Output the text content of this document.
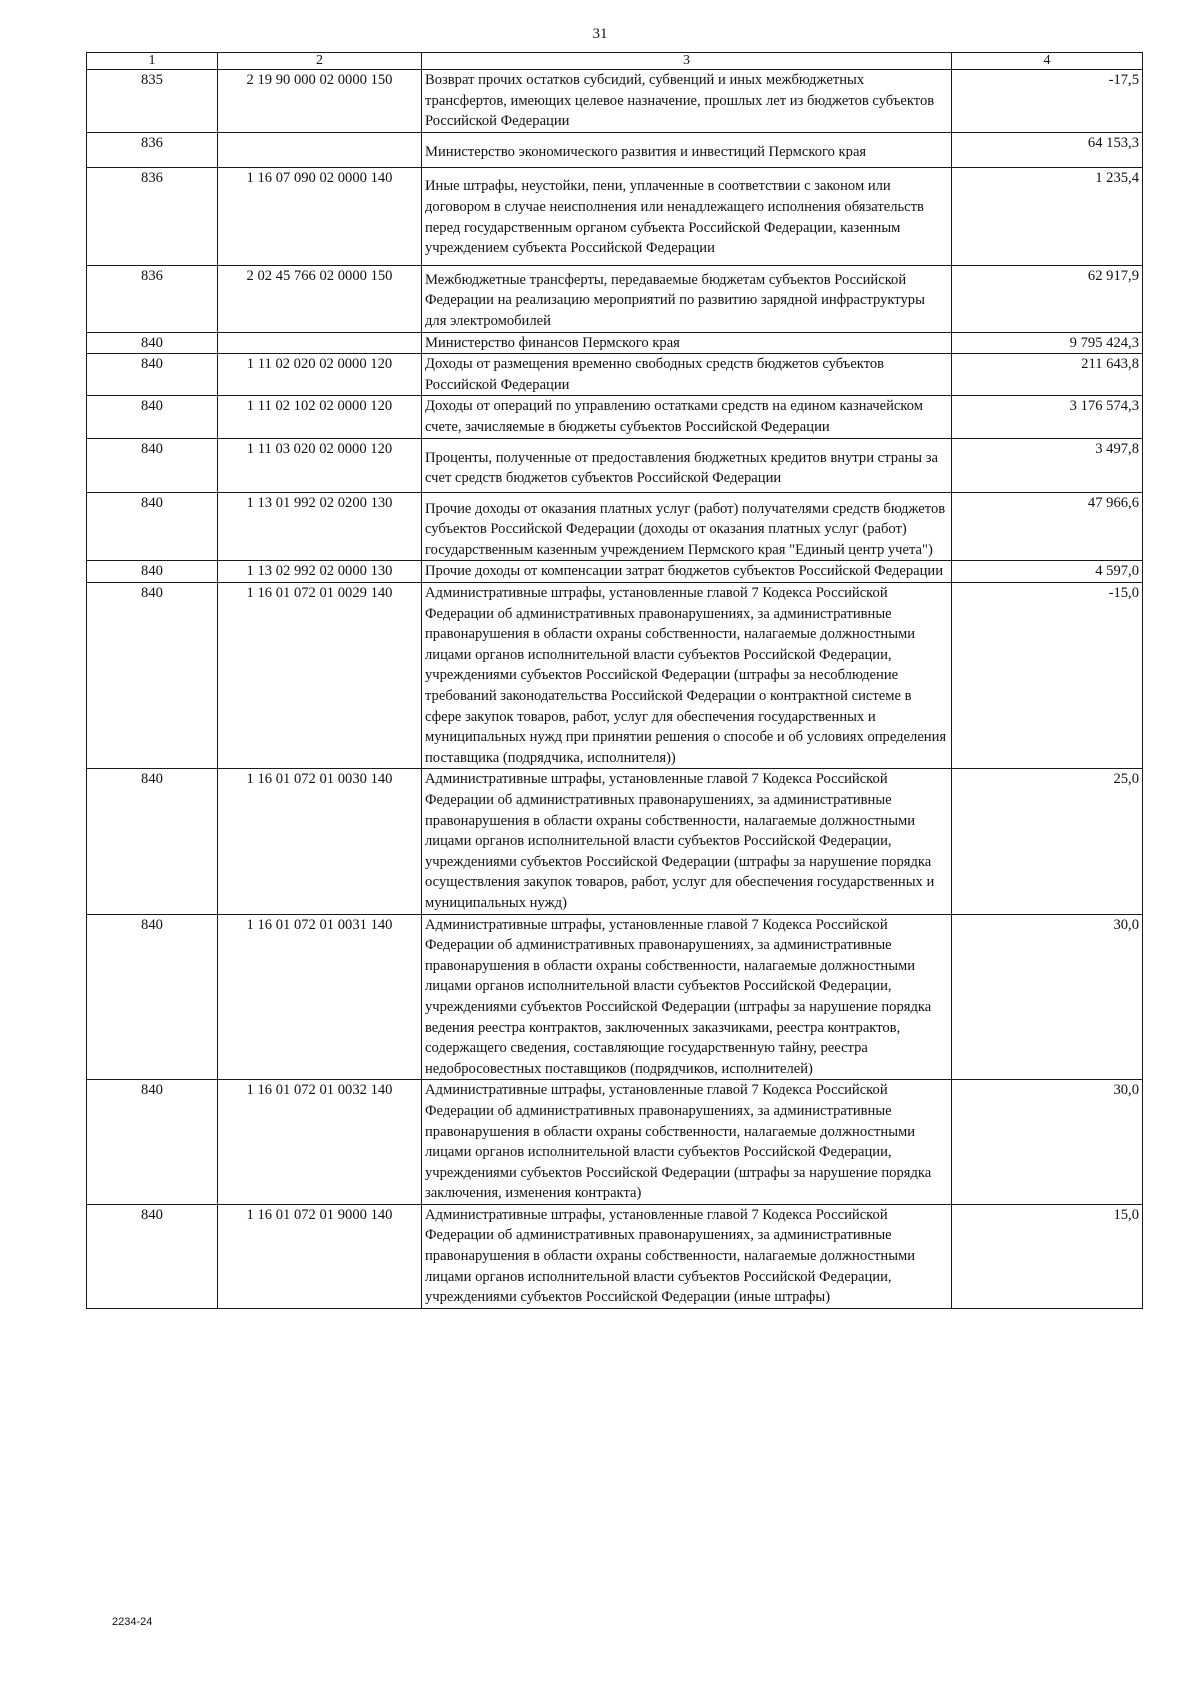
31
1	2	3	4
835	2 19 90 000 02 0000 150	Возврат прочих остатков субсидий, субвенций и иных межбюджетных трансфертов, имеющих целевое назначение, прошлых лет из бюджетов субъектов Российской Федерации	-17,5
836		Министерство экономического развития и инвестиций Пермского края	64 153,3
836	1 16 07 090 02 0000 140	Иные штрафы, неустойки, пени, уплаченные в соответствии с законом или договором в случае неисполнения или ненадлежащего исполнения обязательств перед государственным органом субъекта Российской Федерации, казенным учреждением субъекта Российской Федерации	1 235,4
836	2 02 45 766 02 0000 150	Межбюджетные трансферты, передаваемые бюджетам субъектов Российской Федерации на реализацию мероприятий по развитию зарядной инфраструктуры для электромобилей	62 917,9
840		Министерство финансов Пермского края	9 795 424,3
840	1 11 02 020 02 0000 120	Доходы от размещения временно свободных средств бюджетов субъектов Российской Федерации	211 643,8
840	1 11 02 102 02 0000 120	Доходы от операций по управлению остатками средств на едином казначейском счете, зачисляемые в бюджеты субъектов Российской Федерации	3 176 574,3
840	1 11 03 020 02 0000 120	Проценты, полученные от предоставления бюджетных кредитов внутри страны за счет средств бюджетов субъектов Российской Федерации	3 497,8
840	1 13 01 992 02 0200 130	Прочие доходы от оказания платных услуг (работ) получателями средств бюджетов субъектов Российской Федерации (доходы от оказания платных услуг (работ) государственным казенным учреждением Пермского края "Единый центр учета")	47 966,6
840	1 13 02 992 02 0000 130	Прочие доходы от компенсации затрат бюджетов субъектов Российской Федерации	4 597,0
840	1 16 01 072 01 0029 140	Административные штрафы, установленные главой 7 Кодекса Российской Федерации об административных правонарушениях, за административные правонарушения в области охраны собственности, налагаемые должностными лицами органов исполнительной власти субъектов Российской Федерации, учреждениями субъектов Российской Федерации (штрафы за несоблюдение требований законодательства Российской Федерации о контрактной системе в сфере закупок товаров, работ, услуг для обеспечения государственных и муниципальных нужд при принятии решения о способе и об условиях определения поставщика (подрядчика, исполнителя))	-15,0
840	1 16 01 072 01 0030 140	Административные штрафы, установленные главой 7 Кодекса Российской Федерации об административных правонарушениях, за административные правонарушения в области охраны собственности, налагаемые должностными лицами органов исполнительной власти субъектов Российской Федерации, учреждениями субъектов Российской Федерации (штрафы за нарушение порядка осуществления закупок товаров, работ, услуг для обеспечения государственных и муниципальных нужд)	25,0
840	1 16 01 072 01 0031 140	Административные штрафы, установленные главой 7 Кодекса Российской Федерации об административных правонарушениях, за административные правонарушения в области охраны собственности, налагаемые должностными лицами органов исполнительной власти субъектов Российской Федерации, учреждениями субъектов Российской Федерации (штрафы за нарушение порядка ведения реестра контрактов, заключенных заказчиками, реестра контрактов, содержащего сведения, составляющие государственную тайну, реестра недобросовестных поставщиков (подрядчиков, исполнителей)	30,0
840	1 16 01 072 01 0032 140	Административные штрафы, установленные главой 7 Кодекса Российской Федерации об административных правонарушениях, за административные правонарушения в области охраны собственности, налагаемые должностными лицами органов исполнительной власти субъектов Российской Федерации, учреждениями субъектов Российской Федерации (штрафы за нарушение порядка заключения, изменения контракта)	30,0
840	1 16 01 072 01 9000 140	Административные штрафы, установленные главой 7 Кодекса Российской Федерации об административных правонарушениях, за административные правонарушения в области охраны собственности, налагаемые должностными лицами органов исполнительной власти субъектов Российской Федерации, учреждениями субъектов Российской Федерации (иные штрафы)	15,0
2234-24
